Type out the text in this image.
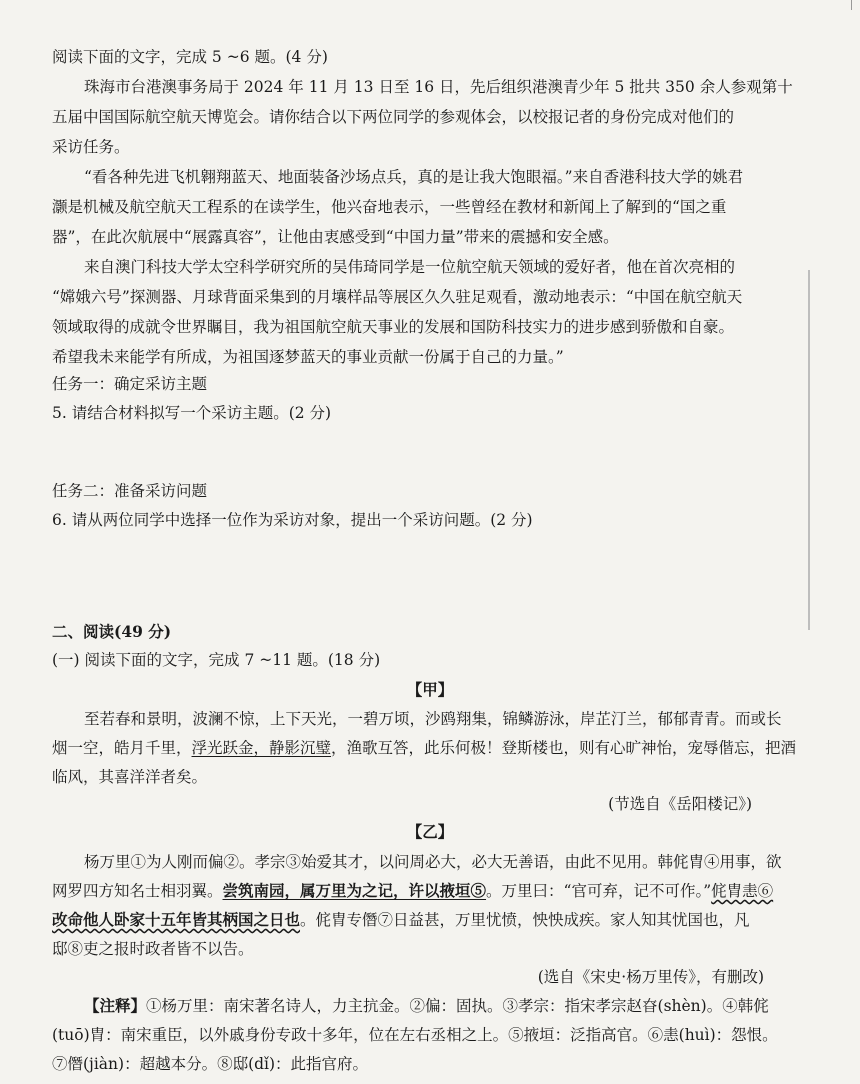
阅读下面的文字，完成 5 ~6 题。(4 分)
珠海市台港澳事务局于 2024 年 11 月 13 日至 16 日，先后组织港澳青少年 5 批共 350 余人参观第十
五届中国国际航空航天博览会。请你结合以下两位同学的参观体会，以校报记者的身份完成对他们的
采访任务。
“看各种先进飞机翱翔蓝天、地面装备沙场点兵，真的是让我大饱眼福。”来自香港科技大学的姚君
灏是机械及航空航天工程系的在读学生，他兴奋地表示，一些曾经在教材和新闻上了解到的“国之重
器”，在此次航展中“展露真容”，让他由衷感受到“中国力量”带来的震撼和安全感。
来自澳门科技大学太空科学研究所的吴伟琦同学是一位航空航天领域的爱好者，他在首次亮相的
“嫦娥六号”探测器、月球背面采集到的月壤样品等展区久久驻足观看，激动地表示：“中国在航空航天
领域取得的成就令世界瞩目，我为祖国航空航天事业的发展和国防科技实力的进步感到骄傲和自豪。
希望我未来能学有所成，为祖国逐梦蓝天的事业贡献一份属于自己的力量。”
任务一：确定采访主题
5. 请结合材料拟写一个采访主题。(2 分)
任务二：准备采访问题
6. 请从两位同学中选择一位作为采访对象，提出一个采访问题。(2 分)
二、阅读(49 分)
(一) 阅读下面的文字，完成 7 ~11 题。(18 分)
【甲】
至若春和景明，波澜不惊，上下天光，一碧万顷，沙鸥翔集，锦鳞游泳，岸芷汀兰，郁郁青青。而或长
烟一空，皓月千里，浮光跃金，静影沉璧，渔歌互答，此乐何极！登斯楼也，则有心旷神怡，宠辱偕忘，把酒
临风，其喜洋洋者矣。
(节选自《岳阳楼记》)
【乙】
杨万里①为人刚而偏②。孝宗③始爱其才，以问周必大，必大无善语，由此不见用。韩侂胄④用事，欲
网罗四方知名士相羽翼。尝筑南园，属万里为之记，许以掖垣⑤。万里曰：“官可弃，记不可作。”侂胄恚⑥
改命他人卧家十五年皆其柄国之日也。侂胄专僭⑦日益甚，万里忧愤，怏怏成疾。家人知其忧国也，凡
邸⑧吏之报时政者皆不以告。
(选自《宋史·杨万里传》，有删改)
【注释】①杨万里：南宋著名诗人，力主抗金。②偏：固执。③孝宗：指宋孝宗赵昚(shèn)。④韩侂
(tuō)胄：南宋重臣，以外戚身份专政十多年，位在左右丞相之上。⑤掖垣：泛指高官。⑥恚(huì)：怨恨。
⑦僭(jiàn)：超越本分。⑧邸(dǐ)：此指官府。
